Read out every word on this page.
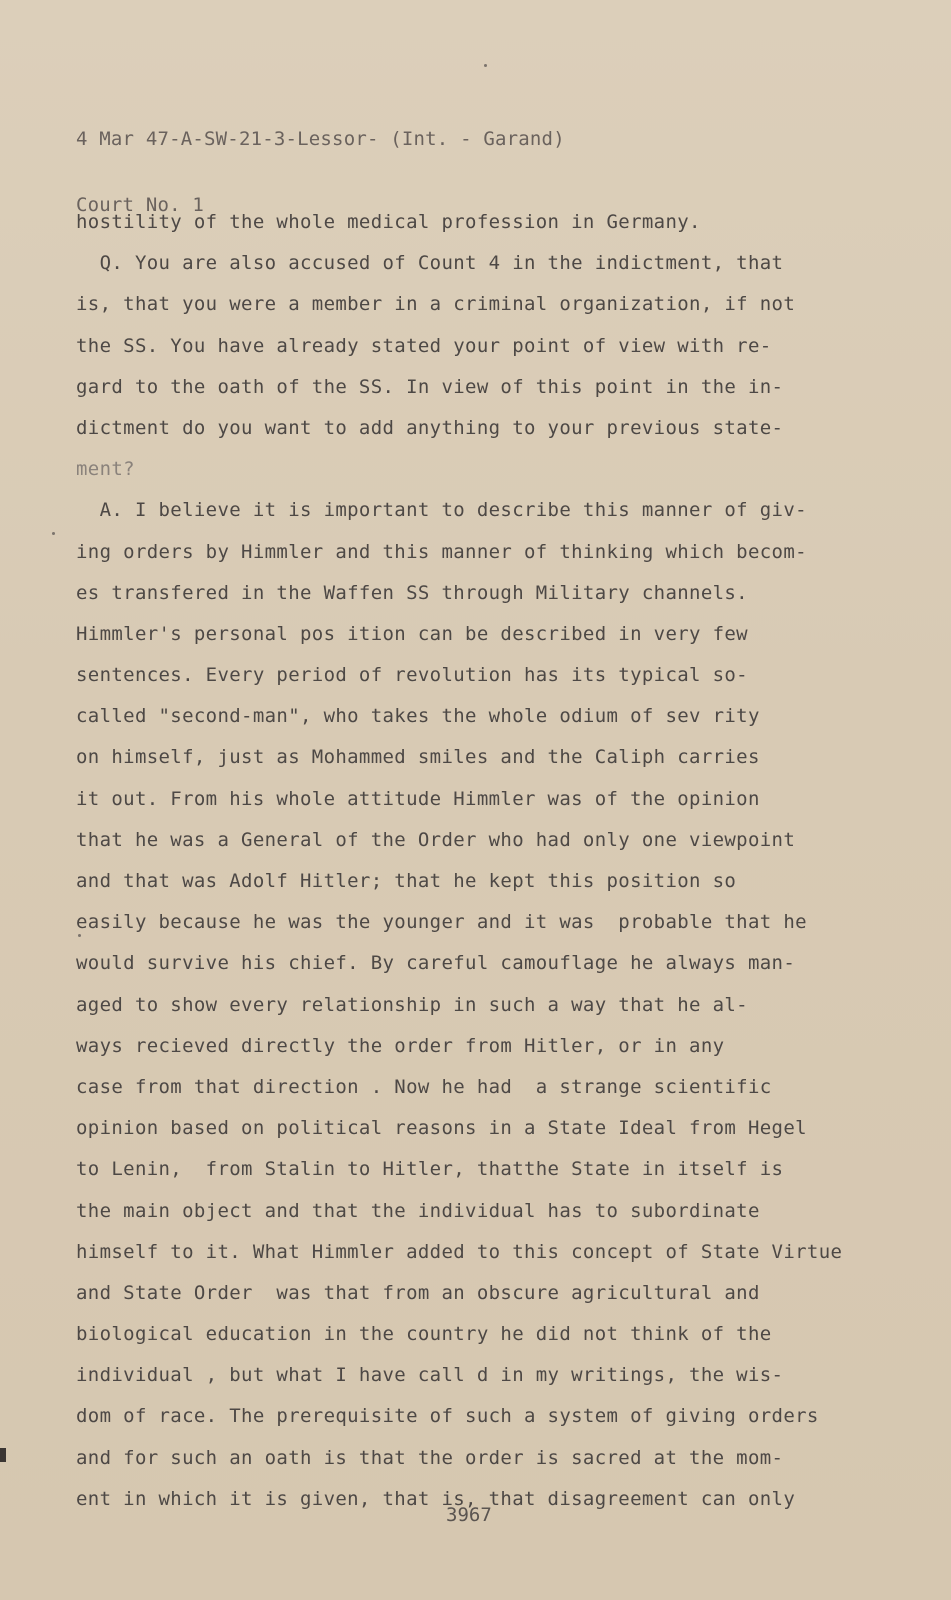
4 Mar 47-A-SW-21-3-Lessor- (Int. - Garand)

Court No. 1

hostility of the whole medical profession in Germany.
Q. You are also accused of Count 4 in the indictment, that
is, that you were a member in a criminal organization, if not
the SS. You have already stated your point of view with re-
gard to the oath of the SS. In view of this point in the in-
dictment do you want to add anything to your previous state-
ment?
A. I believe it is important to describe this manner of giv-
ing orders by Himmler and this manner of thinking which becom-
es transfered in the Waffen SS through Military channels.
Himmler's personal pos ition can be described in very few
sentences. Every period of revolution has its typical so-
called "second-man", who takes the whole odium of sev rity
on himself, just as Mohammed smiles and the Caliph carries
it out. From his whole attitude Himmler was of the opinion
that he was a General of the Order who had only one viewpoint
and that was Adolf Hitler; that he kept this position so
easily because he was the younger and it was  probable that he
would survive his chief. By careful camouflage he always man-
aged to show every relationship in such a way that he al-
ways recieved directly the order from Hitler, or in any
case from that direction . Now he had  a strange scientific
opinion based on political reasons in a State Ideal from Hegel
to Lenin,  from Stalin to Hitler, thatthe State in itself is
the main object and that the individual has to subordinate
himself to it. What Himmler added to this concept of State Virtue
and State Order  was that from an obscure agricultural and
biological education in the country he did not think of the
individual , but what I have call d in my writings, the wis-
dom of race. The prerequisite of such a system of giving orders
and for such an oath is that the order is sacred at the mom-
ent in which it is given, that is, that disagreement can only
3967
